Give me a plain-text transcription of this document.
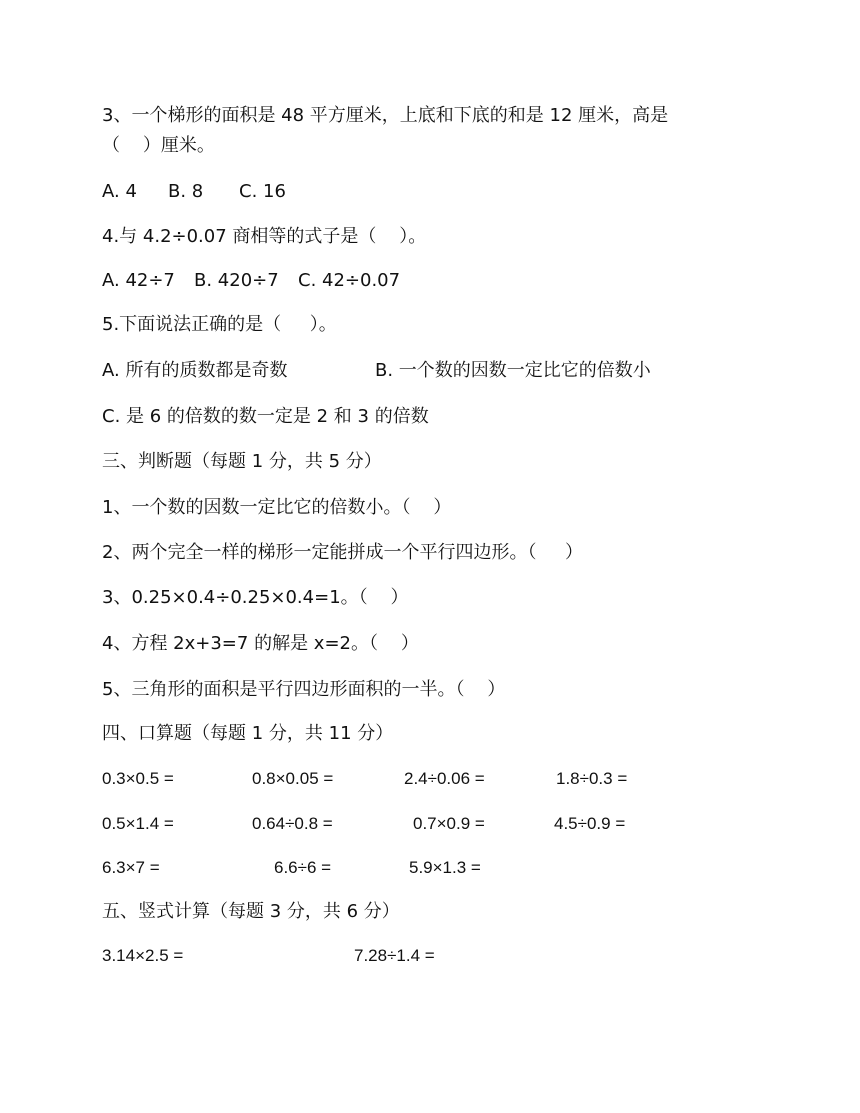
3、一个梯形的面积是 48 平方厘米，上底和下底的和是 12 厘米，高是
（    ）厘米。
A. 4 B. 8 C. 16
4.与 4.2÷0.07 商相等的式子是（    ）。
A. 42÷7 B. 420÷7 C. 42÷0.07
5.下面说法正确的是（     ）。
A. 所有的质数都是奇数	B. 一个数的因数一定比它的倍数小
C. 是 6 的倍数的数一定是 2 和 3 的倍数
三、判断题（每题 1 分，共 5 分）
1、一个数的因数一定比它的倍数小。（    ）
2、两个完全一样的梯形一定能拼成一个平行四边形。（     ）
3、0.25×0.4÷0.25×0.4=1。（    ）
4、方程 2x+3=7 的解是 x=2。（    ）
5、三角形的面积是平行四边形面积的一半。（    ）
四、口算题（每题 1 分，共 11 分）
0.3×0.5 =	0.8×0.05 =	2.4÷0.06 =	1.8÷0.3 =
0.5×1.4 =	0.64÷0.8 =	0.7×0.9 =	4.5÷0.9 =
6.3×7 =	6.6÷6 =	5.9×1.3 =
五、竖式计算（每题 3 分，共 6 分）
3.14×2.5 =	7.28÷1.4 =
